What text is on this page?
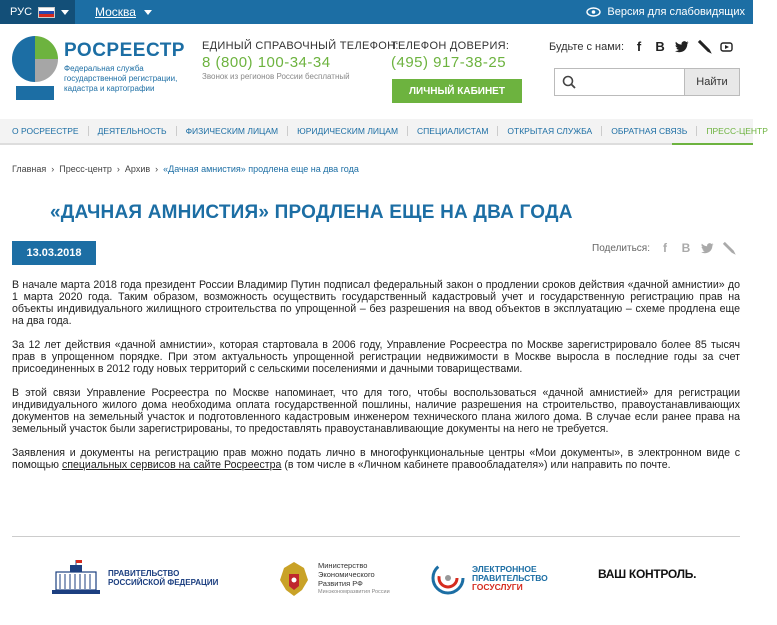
РУС	Москва	Версия для слабовидящих
РОСРЕЕСТР
Федеральная служба государственной регистрации, кадастра и картографии
ЕДИНЫЙ СПРАВОЧНЫЙ ТЕЛЕФОН:
8 (800) 100-34-34
Звонок из регионов России бесплатный
ТЕЛЕФОН ДОВЕРИЯ:
(495) 917-38-25
ЛИЧНЫЙ КАБИНЕТ
Будьте с нами: f В
Найти
О РОСРЕЕСТРЕ	ДЕЯТЕЛЬНОСТЬ	ФИЗИЧЕСКИМ ЛИЦАМ	ЮРИДИЧЕСКИМ ЛИЦАМ	СПЕЦИАЛИСТАМ	ОТКРЫТАЯ СЛУЖБА	ОБРАТНАЯ СВЯЗЬ	ПРЕСС-ЦЕНТР
Главная › Пресс-центр › Архив › «Дачная амнистия» продлена еще на два года
«ДАЧНАЯ АМНИСТИЯ» ПРОДЛЕНА ЕЩЕ НА ДВА ГОДА
13.03.2018	Поделиться:	f	В

В начале марта 2018 года президент России Владимир Путин подписал федеральный закон о продлении сроков действия «дачной амнистии» до 1 марта 2020 года. Таким образом, возможность осуществить государственный кадастровый учет и государственную регистрацию прав на объекты индивидуального жилищного строительства по упрощенной – без разрешения на ввод объектов в эксплуатацию – схеме продлена еще на два года.

За 12 лет действия «дачной амнистии», которая стартовала в 2006 году, Управление Росреестра по Москве зарегистрировало более 85 тысяч прав в упрощенном порядке. При этом актуальность упрощенной регистрации недвижимости в Москве выросла в последние годы за счет присоединенных в 2012 году новых территорий с сельскими поселениями и дачными товариществами.

В этой связи Управление Росреестра по Москве напоминает, что для того, чтобы воспользоваться «дачной амнистией» для регистрации индивидуального жилого дома необходима оплата государственной пошлины, наличие разрешения на строительство, правоустанавливающих документов на земельный участок и подготовленного кадастровым инженером технического плана жилого дома. В случае если ранее права на земельный участок были зарегистрированы, то предоставлять правоустанавливающие документы на него не требуется.

Заявления и документы на регистрацию прав можно подать лично в многофункциональные центры «Мои документы», в электронном виде с помощью специальных сервисов на сайте Росреестра (в том числе в «Личном кабинете правообладателя») или направить по почте.

ПРАВИТЕЛЬСТВО
РОССИЙСКОЙ ФЕДЕРАЦИИ
Министерство
Экономического
Развития РФ
Минэкономразвития России
ЭЛЕКТРОННОЕ
ПРАВИТЕЛЬСТВО
ГОСУСЛУГИ
ВАШ КОНТРОЛЬ.
